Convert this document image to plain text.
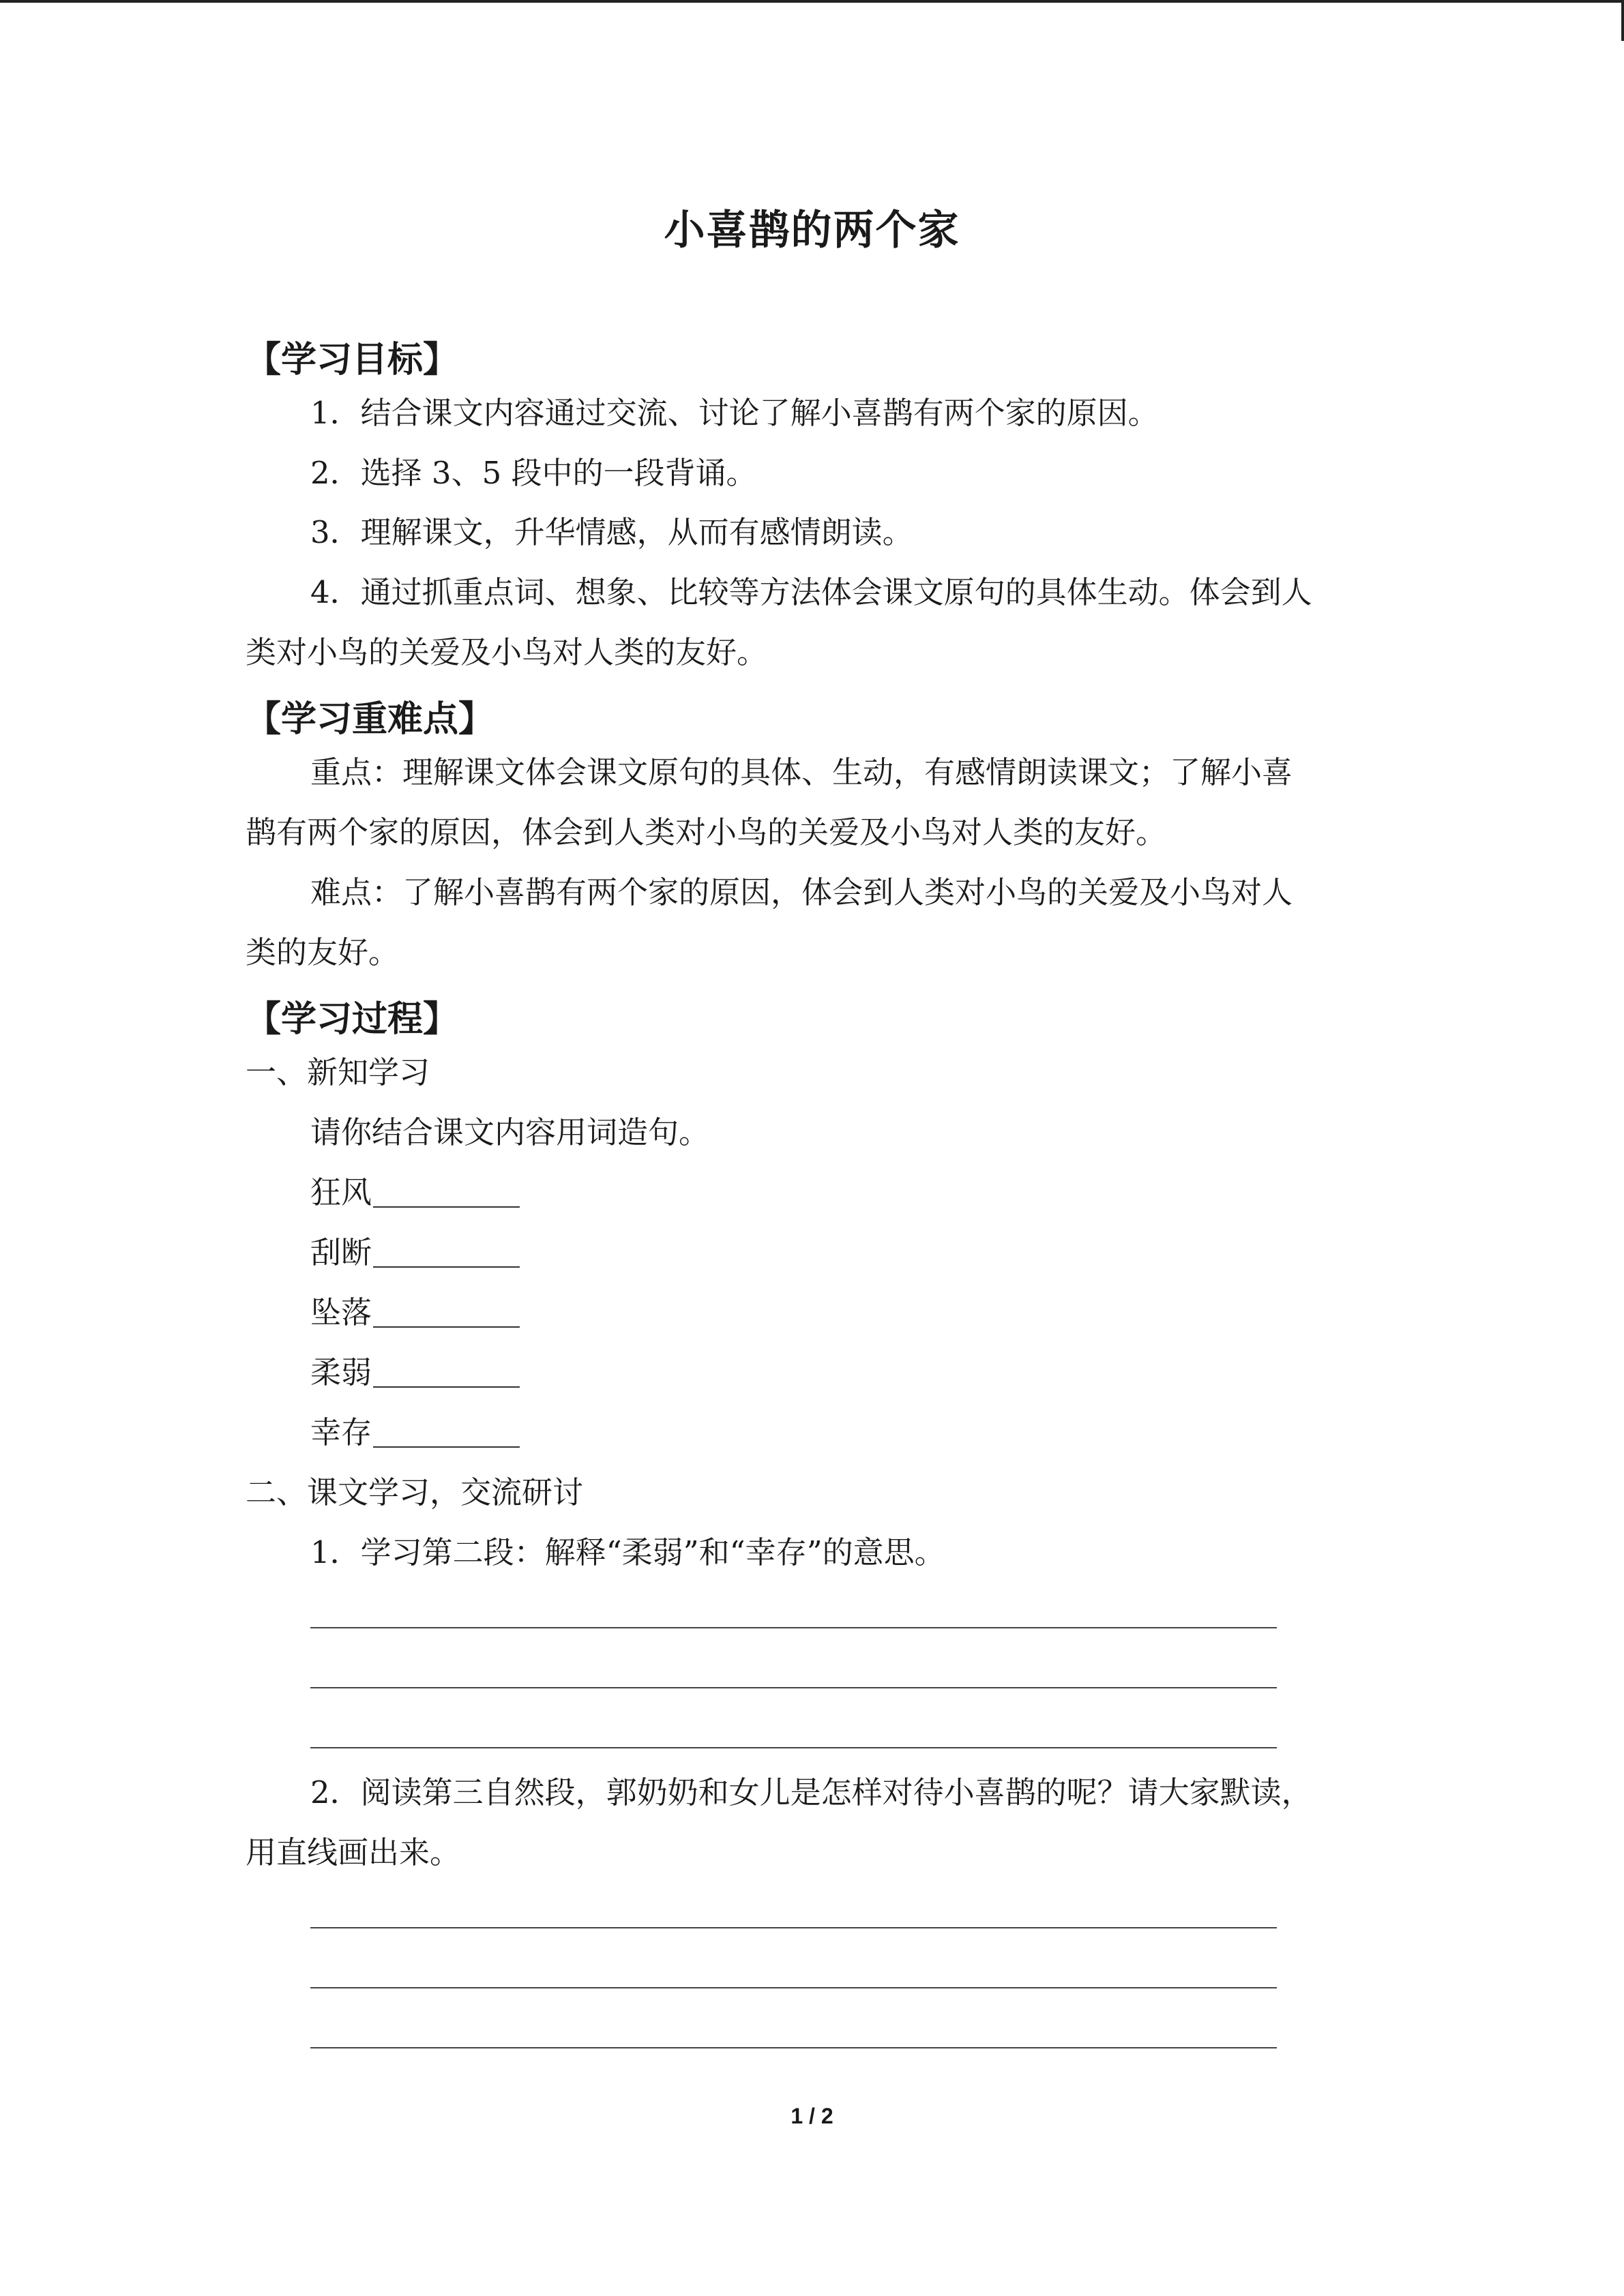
小喜鹊的两个家
【学习目标】
1．结合课文内容通过交流、讨论了解小喜鹊有两个家的原因。
2．选择 3、5 段中的一段背诵。
3．理解课文，升华情感，从而有感情朗读。
4．通过抓重点词、想象、比较等方法体会课文原句的具体生动。体会到人
类对小鸟的关爱及小鸟对人类的友好。
【学习重难点】
重点：理解课文体会课文原句的具体、生动，有感情朗读课文；了解小喜
鹊有两个家的原因，体会到人类对小鸟的关爱及小鸟对人类的友好。
难点：了解小喜鹊有两个家的原因，体会到人类对小鸟的关爱及小鸟对人
类的友好。
【学习过程】
一、新知学习
请你结合课文内容用词造句。
狂风
刮断
坠落
柔弱
幸存
二、课文学习，交流研讨
1．学习第二段：解释“柔弱”和“幸存”的意思。
2．阅读第三自然段，郭奶奶和女儿是怎样对待小喜鹊的呢？请大家默读，
用直线画出来。
1 / 2
